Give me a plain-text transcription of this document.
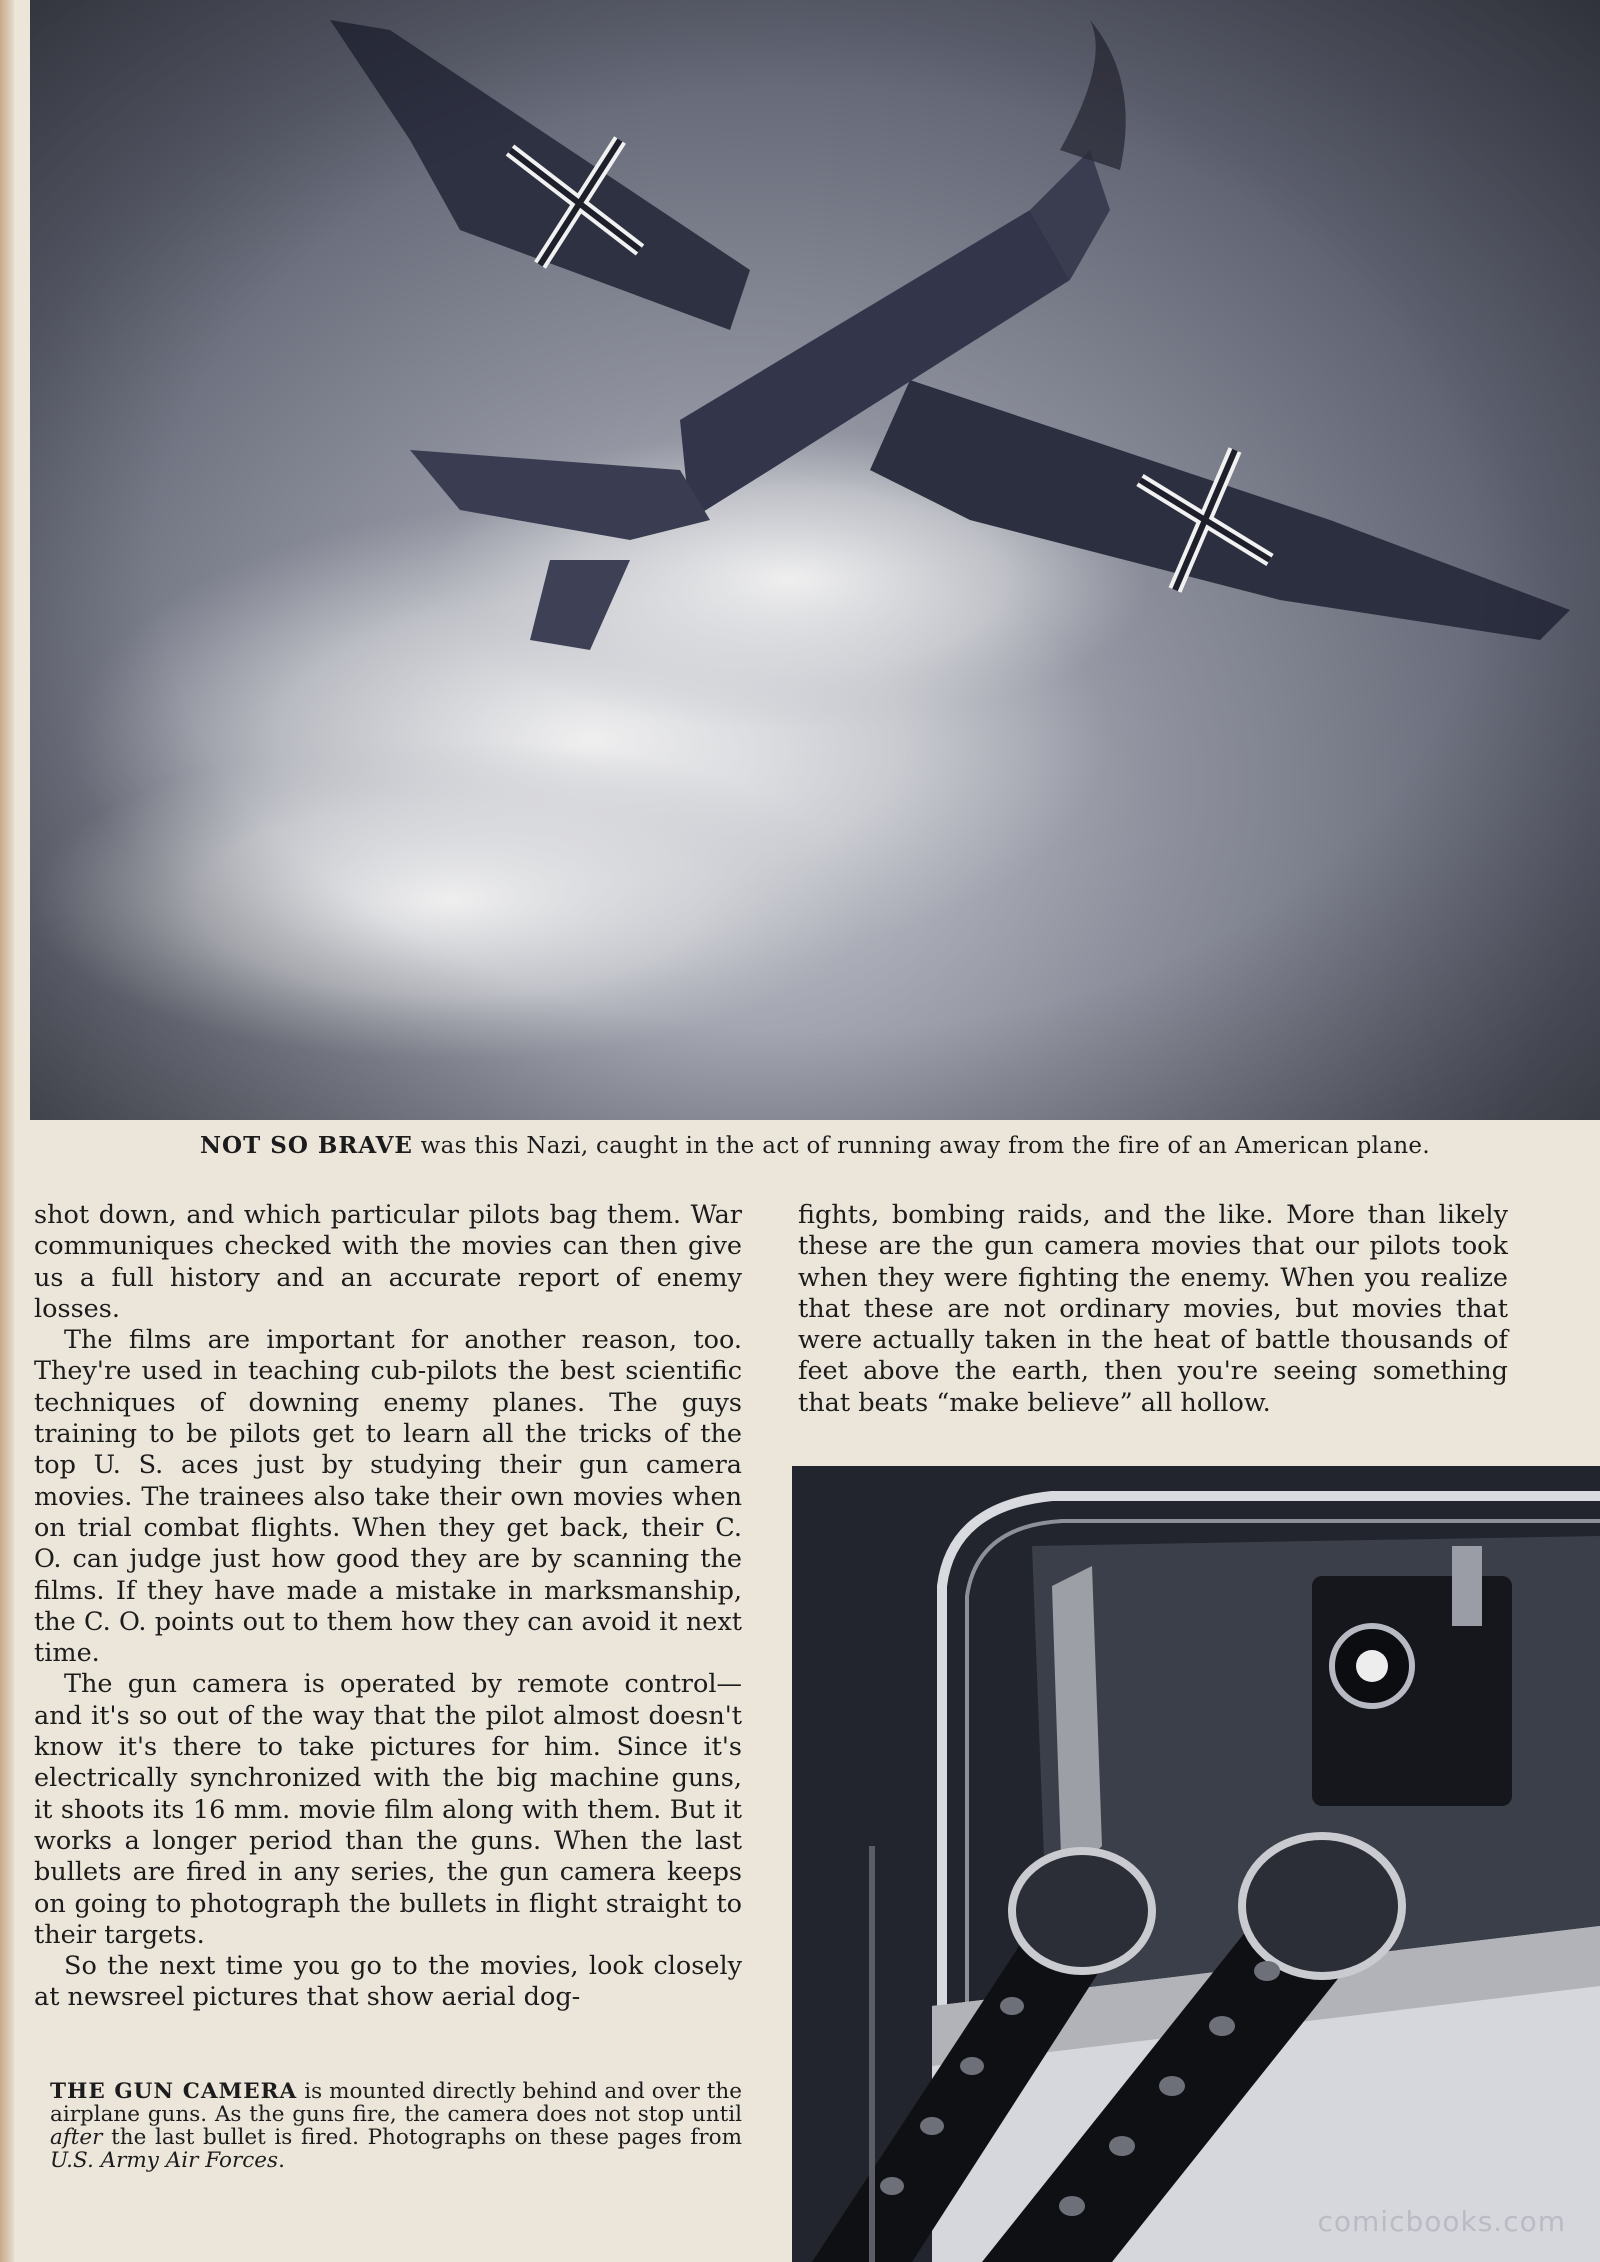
NOT SO BRAVE was this Nazi, caught in the act of running away from the fire of an American plane.

shot down, and which particular pilots bag them. War communiques checked with the movies can then give us a full history and an accurate report of enemy losses.

The films are important for another reason, too. They're used in teaching cub-pilots the best scientific techniques of downing enemy planes. The guys training to be pilots get to learn all the tricks of the top U. S. aces just by studying their gun camera movies. The trainees also take their own movies when on trial combat flights. When they get back, their C. O. can judge just how good they are by scanning the films. If they have made a mistake in marksmanship, the C. O. points out to them how they can avoid it next time.

The gun camera is operated by remote control— and it's so out of the way that the pilot almost doesn't know it's there to take pictures for him. Since it's electrically synchronized with the big machine guns, it shoots its 16 mm. movie film along with them. But it works a longer period than the guns. When the last bullets are fired in any series, the gun camera keeps on going to photograph the bullets in flight straight to their targets.

So the next time you go to the movies, look closely at newsreel pictures that show aerial dog-

fights, bombing raids, and the like. More than likely these are the gun camera movies that our pilots took when they were fighting the enemy. When you realize that these are not ordinary movies, but movies that were actually taken in the heat of battle thousands of feet above the earth, then you're seeing something that beats “make believe” all hollow.

THE GUN CAMERA is mounted directly behind and over the airplane guns. As the guns fire, the camera does not stop until after the last bullet is fired. Photographs on these pages from U.S. Army Air Forces.
comicbooks.com
